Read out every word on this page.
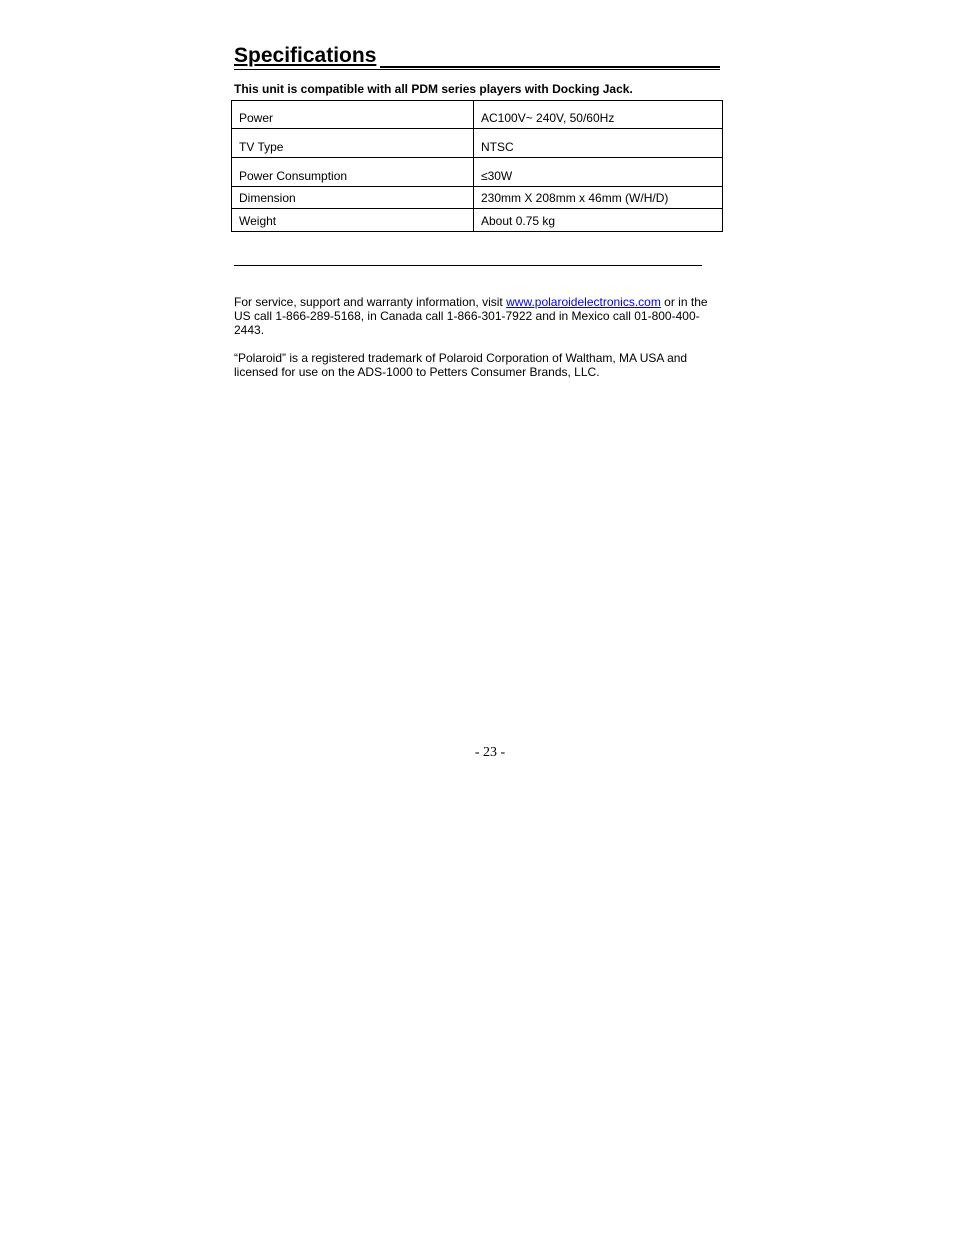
Specifications
This unit is compatible with all PDM series players with Docking Jack.
Power	AC100V~ 240V, 50/60Hz
TV Type	NTSC
Power Consumption	≤30W
Dimension	230mm X 208mm x 46mm (W/H/D)
Weight	About 0.75 kg
For service, support and warranty information, visit www.polaroidelectronics.com or in the US call 1-866-289-5168, in Canada call 1-866-301-7922 and in Mexico call 01-800-400-2443.
“Polaroid” is a registered trademark of Polaroid Corporation of Waltham, MA USA and licensed for use on the ADS-1000 to Petters Consumer Brands, LLC.
- 23 -
